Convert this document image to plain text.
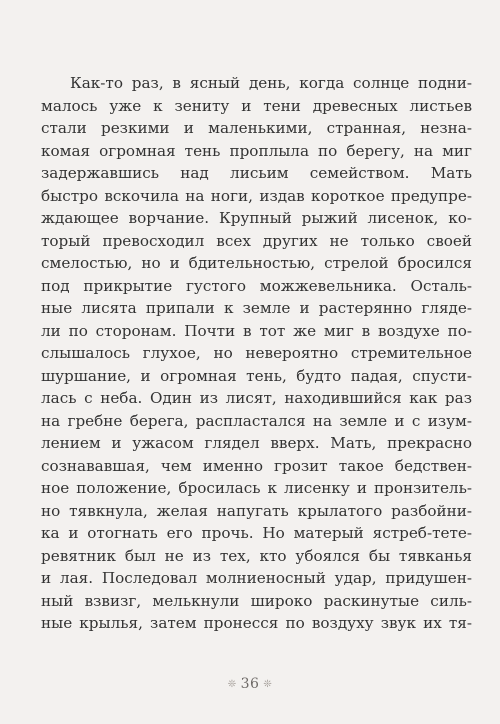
Как-то раз, в ясный день, когда солнце подни-
малось уже к зениту и тени древесных листьев
стали резкими и маленькими, странная, незна-
комая огромная тень проплыла по берегу, на миг
задержавшись над лисьим семейством. Мать
быстро вскочила на ноги, издав короткое предупре-
ждающее ворчание. Крупный рыжий лисенок, ко-
торый превосходил всех других не только своей
смелостью, но и бдительностью, стрелой бросился
под прикрытие густого можжевельника. Осталь-
ные лисята припали к земле и растерянно гляде-
ли по сторонам. Почти в тот же миг в воздухе по-
слышалось глухое, но невероятно стремительное
шуршание, и огромная тень, будто падая, спусти-
лась с неба. Один из лисят, находившийся как раз
на гребне берега, распластался на земле и с изум-
лением и ужасом глядел вверх. Мать, прекрасно
сознававшая, чем именно грозит такое бедствен-
ное положение, бросилась к лисенку и пронзитель-
но тявкнула, желая напугать крылатого разбойни-
ка и отогнать его прочь. Но матерый ястреб-тете-
ревятник был не из тех, кто убоялся бы тявканья
и лая. Последовал молниеносный удар, придушен-
ный взвизг, мелькнули широко раскинутые силь-
ные крылья, затем пронесся по воздуху звук их тя-
❊ 36 ❊
